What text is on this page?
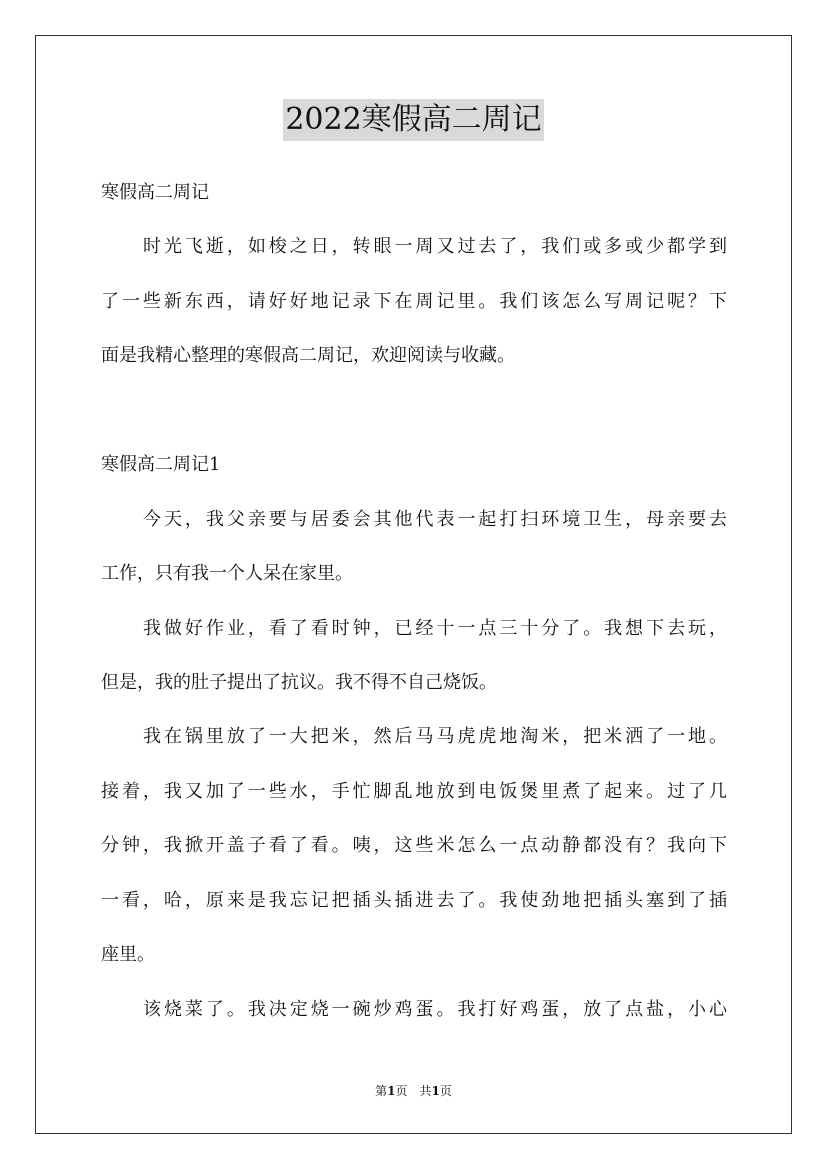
2022寒假高二周记
寒假高二周记
时光飞逝，如梭之日，转眼一周又过去了，我们或多或少都学到
了一些新东西，请好好地记录下在周记里。我们该怎么写周记呢？下
面是我精心整理的寒假高二周记，欢迎阅读与收藏。
寒假高二周记1
今天，我父亲要与居委会其他代表一起打扫环境卫生，母亲要去
工作，只有我一个人呆在家里。
我做好作业，看了看时钟，已经十一点三十分了。我想下去玩，
但是，我的肚子提出了抗议。我不得不自己烧饭。
我在锅里放了一大把米，然后马马虎虎地淘米，把米洒了一地。
接着，我又加了一些水，手忙脚乱地放到电饭煲里煮了起来。过了几
分钟，我掀开盖子看了看。咦，这些米怎么一点动静都没有？我向下
一看，哈，原来是我忘记把插头插进去了。我使劲地把插头塞到了插
座里。
该烧菜了。我决定烧一碗炒鸡蛋。我打好鸡蛋，放了点盐，小心
第1页　共1页
